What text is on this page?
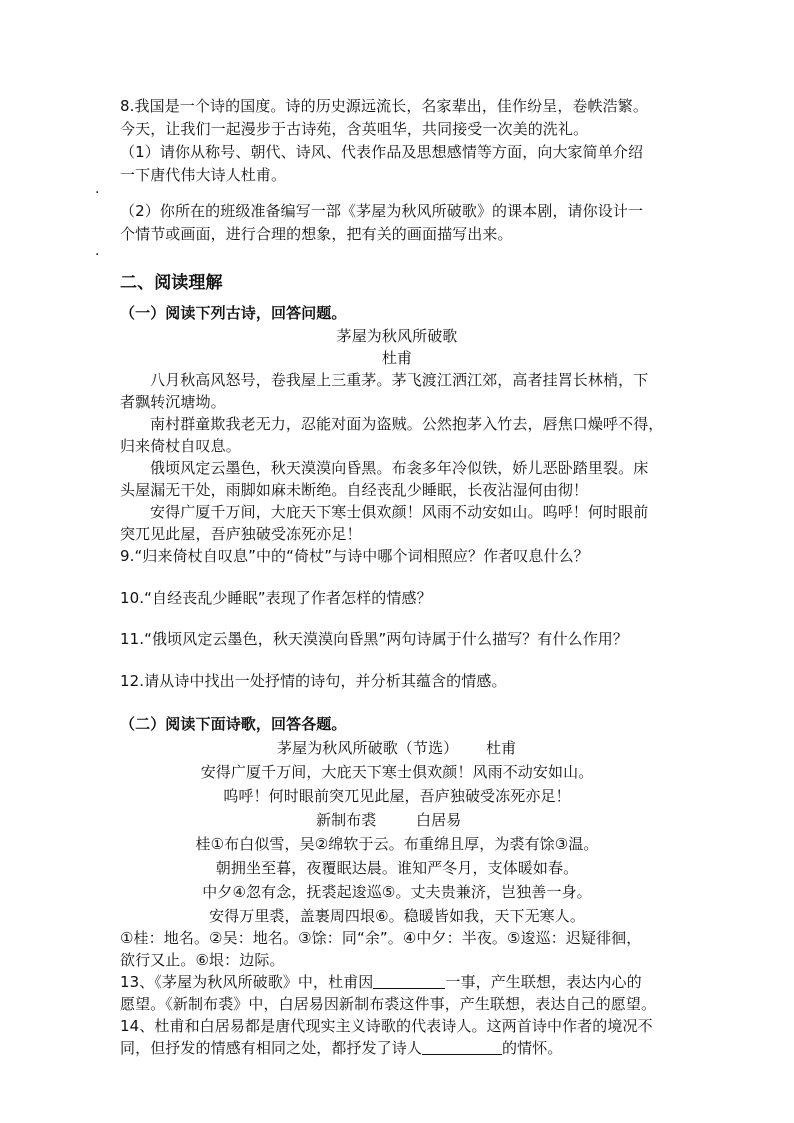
8.我国是一个诗的国度。诗的历史源远流长，名家辈出，佳作纷呈，卷帙浩繁。
今天，让我们一起漫步于古诗苑，含英咀华，共同接受一次美的洗礼。
（1）请你从称号、朝代、诗风、代表作品及思想感情等方面，向大家简单介绍
一下唐代伟大诗人杜甫。
·
（2）你所在的班级准备编写一部《茅屋为秋风所破歌》的课本剧，请你设计一
个情节或画面，进行合理的想象，把有关的画面描写出来。
·
二、阅读理解
（一）阅读下列古诗，回答问题。
茅屋为秋风所破歌
杜甫
八月秋高风怒号，卷我屋上三重茅。茅飞渡江洒江郊，高者挂罥长林梢，下
者飘转沉塘坳。
南村群童欺我老无力，忍能对面为盗贼。公然抱茅入竹去，唇焦口燥呼不得，
归来倚杖自叹息。
俄顷风定云墨色，秋天漠漠向昏黑。布衾多年冷似铁，娇儿恶卧踏里裂。床
头屋漏无干处，雨脚如麻未断绝。自经丧乱少睡眠，长夜沾湿何由彻！
安得广厦千万间，大庇天下寒士俱欢颜！风雨不动安如山。呜呼！何时眼前
突兀见此屋，吾庐独破受冻死亦足！
9.“归来倚杖自叹息”中的“倚杖”与诗中哪个词相照应？作者叹息什么？
10.“自经丧乱少睡眠”表现了作者怎样的情感？
11.“俄顷风定云墨色，秋天漠漠向昏黑”两句诗属于什么描写？有什么作用？
12.请从诗中找出一处抒情的诗句，并分析其蕴含的情感。
（二）阅读下面诗歌，回答各题。
茅屋为秋风所破歌（节选） 杜甫
安得广厦千万间，大庇天下寒士俱欢颜！风雨不动安如山。
呜呼！何时眼前突兀见此屋，吾庐独破受冻死亦足！
新制布裘	白居易
桂①布白似雪，吴②绵软于云。布重绵且厚，为裘有馀③温。
朝拥坐至暮，夜覆眠达晨。谁知严冬月，支体暖如春。
中夕④忽有念，抚裘起逡巡⑤。丈夫贵兼济，岂独善一身。
安得万里裘，盖裹周四垠⑥。稳暖皆如我，天下无寒人。
①桂：地名。②吴：地名。③馀：同“余”。④中夕：半夜。⑤逡巡：迟疑徘徊，
欲行又止。⑥垠：边际。
13、《茅屋为秋风所破歌》中，杜甫因	一事，产生联想，表达内心的
愿望。《新制布裘》中，白居易因新制布裘这件事，产生联想，表达自己的愿望。
14、杜甫和白居易都是唐代现实主义诗歌的代表诗人。这两首诗中作者的境况不
同，但抒发的情感有相同之处，都抒发了诗人	的情怀。
